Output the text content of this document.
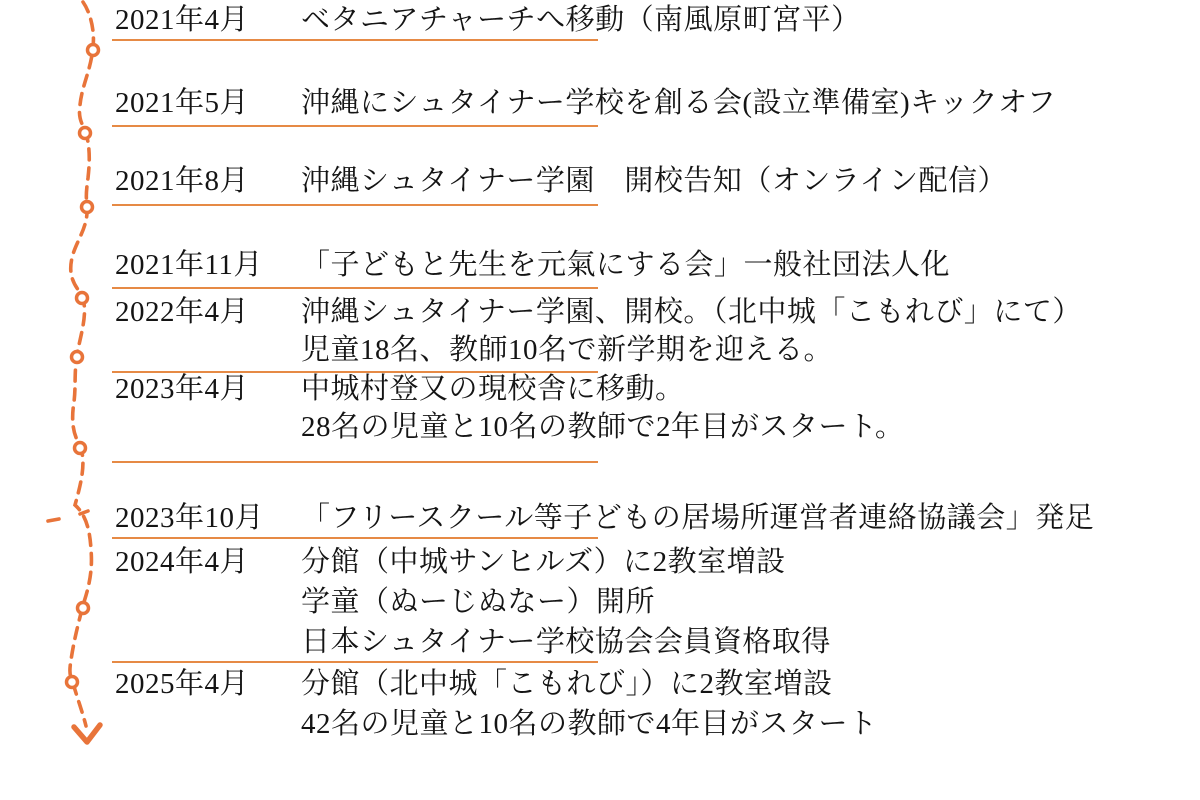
2021年4月	ベタニアチャーチへ移動（南風原町宮平）
2021年5月	沖縄にシュタイナー学校を創る会(設立準備室)キックオフ
2021年8月	沖縄シュタイナー学園　開校告知（オンライン配信）
2021年11月	「子どもと先生を元氣にする会」一般社団法人化
2022年4月	沖縄シュタイナー学園、開校。（北中城「こもれび」にて）
児童18名、教師10名で新学期を迎える。
2023年4月	中城村登又の現校舎に移動。
28名の児童と10名の教師で2年目がスタート。
2023年10月	「フリースクール等子どもの居場所運営者連絡協議会」発足
2024年4月	分館（中城サンヒルズ）に2教室増設
学童（ぬーじぬなー）開所
日本シュタイナー学校協会会員資格取得
2025年4月	分館（北中城「こもれび」）に2教室増設
42名の児童と10名の教師で4年目がスタート
